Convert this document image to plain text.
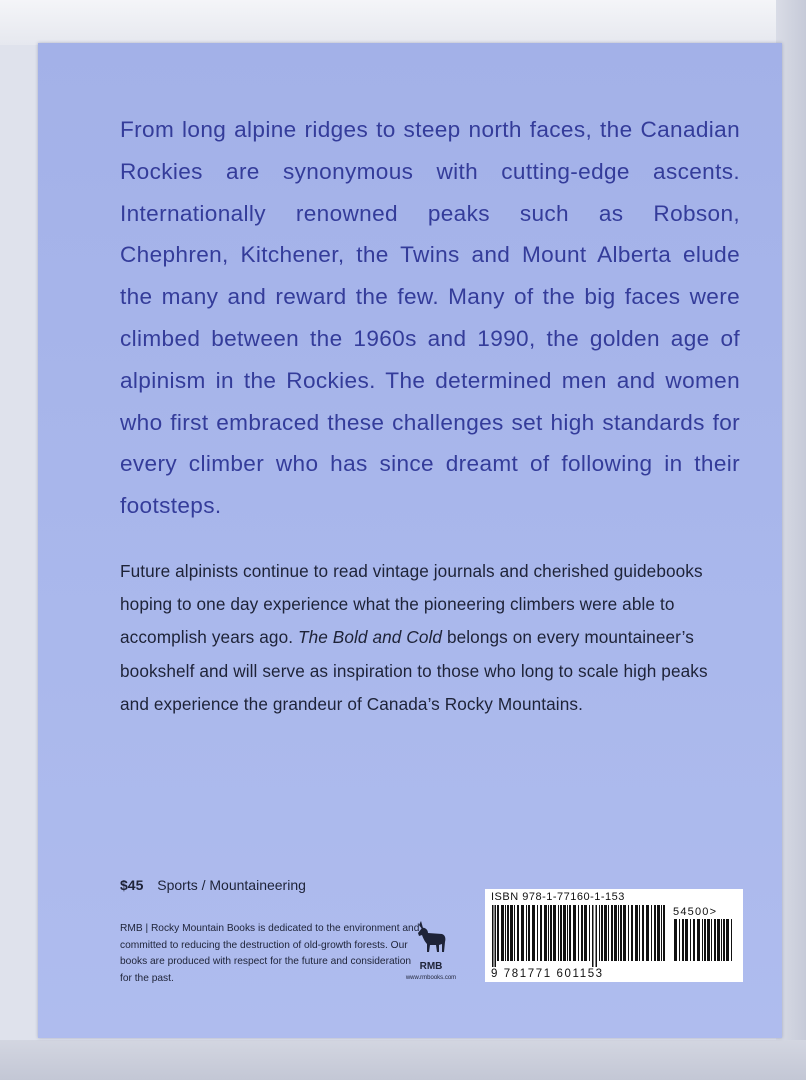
From long alpine ridges to steep north faces, the Canadian Rockies are synonymous with cutting-edge ascents. Internationally renowned peaks such as Robson, Chephren, Kitchener, the Twins and Mount Alberta elude the many and reward the few. Many of the big faces were climbed between the 1960s and 1990, the golden age of alpinism in the Rockies. The determined men and women who first embraced these challenges set high standards for every climber who has since dreamt of following in their footsteps.

Future alpinists continue to read vintage journals and cherished guidebooks hoping to one day experience what the pioneering climbers were able to accomplish years ago. The Bold and Cold belongs on every mountaineer’s bookshelf and will serve as inspiration to those who long to scale high peaks and experience the grandeur of Canada’s Rocky Mountains.

$45 Sports / Mountaineering

RMB | Rocky Mountain Books is dedicated to the environment and committed to reducing the destruction of old-growth forests. Our books are produced with respect for the future and consideration for the past.

RMB
www.rmbooks.com
ISBN 978-1-77160-1-153
54500>
9 781771 601153
